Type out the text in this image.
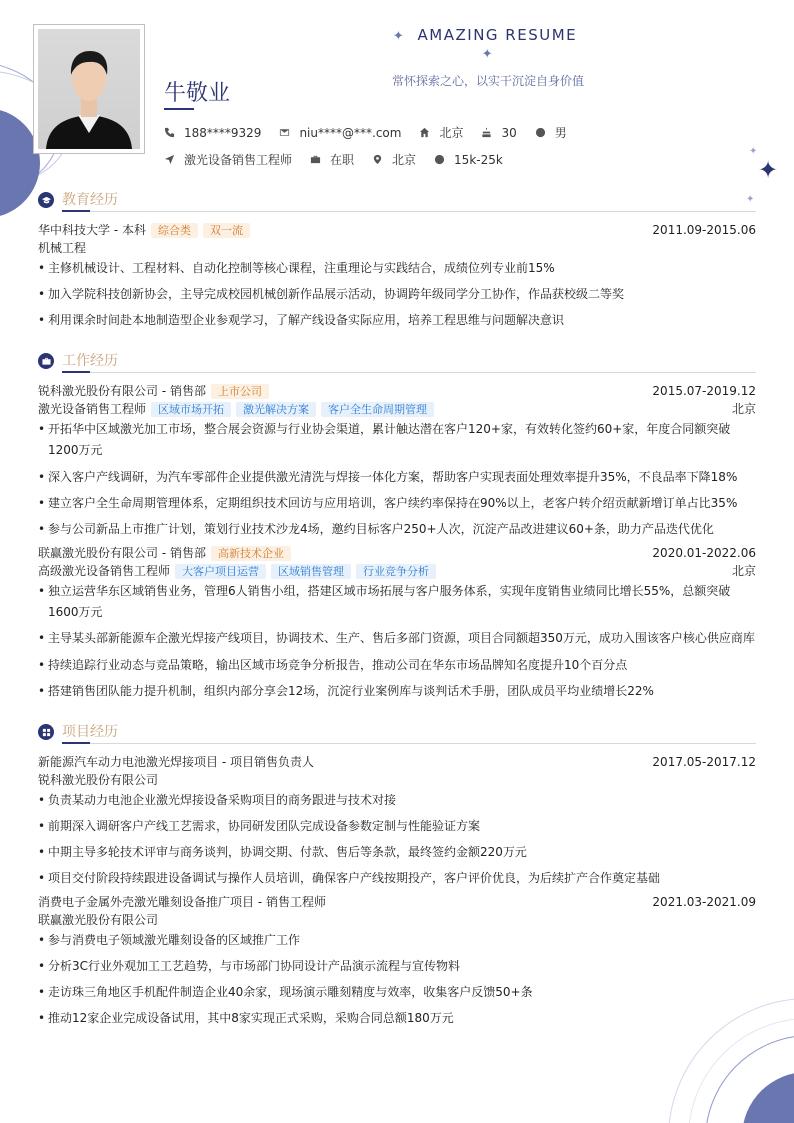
✦
✦
✦
✦ AMAZING RESUME ✦
常怀探索之心，以实干沉淀自身价值
牛敬业
188****9329	niu****@***.com	北京	30	男
激光设备销售工程师	在职	北京	15k-25k
教育经历
华中科技大学 - 本科	综合类	双一流	2011.09-2015.06
机械工程
• 主修机械设计、工程材料、自动化控制等核心课程，注重理论与实践结合，成绩位列专业前15%
• 加入学院科技创新协会，主导完成校园机械创新作品展示活动，协调跨年级同学分工协作，作品获校级二等奖
• 利用课余时间赴本地制造型企业参观学习，了解产线设备实际应用，培养工程思维与问题解决意识
工作经历
锐科激光股份有限公司 - 销售部	上市公司	2015.07-2019.12
激光设备销售工程师	区域市场开拓	激光解决方案	客户全生命周期管理	北京
• 开拓华中区域激光加工市场，整合展会资源与行业协会渠道，累计触达潜在客户120+家，有效转化签约60+家，年度合同额突破1200万元
• 深入客户产线调研，为汽车零部件企业提供激光清洗与焊接一体化方案，帮助客户实现表面处理效率提升35%，不良品率下降18%
• 建立客户全生命周期管理体系，定期组织技术回访与应用培训，客户续约率保持在90%以上，老客户转介绍贡献新增订单占比35%
• 参与公司新品上市推广计划，策划行业技术沙龙4场，邀约目标客户250+人次，沉淀产品改进建议60+条，助力产品迭代优化
联赢激光股份有限公司 - 销售部	高新技术企业	2020.01-2022.06
高级激光设备销售工程师	大客户项目运营	区域销售管理	行业竞争分析	北京
• 独立运营华东区域销售业务，管理6人销售小组，搭建区域市场拓展与客户服务体系，实现年度销售业绩同比增长55%，总额突破1600万元
• 主导某头部新能源车企激光焊接产线项目，协调技术、生产、售后多部门资源，项目合同额超350万元，成功入围该客户核心供应商库
• 持续追踪行业动态与竞品策略，输出区域市场竞争分析报告，推动公司在华东市场品牌知名度提升10个百分点
• 搭建销售团队能力提升机制，组织内部分享会12场，沉淀行业案例库与谈判话术手册，团队成员平均业绩增长22%
项目经历
新能源汽车动力电池激光焊接项目 - 项目销售负责人	2017.05-2017.12
锐科激光股份有限公司
• 负责某动力电池企业激光焊接设备采购项目的商务跟进与技术对接
• 前期深入调研客户产线工艺需求，协同研发团队完成设备参数定制与性能验证方案
• 中期主导多轮技术评审与商务谈判，协调交期、付款、售后等条款，最终签约金额220万元
• 项目交付阶段持续跟进设备调试与操作人员培训，确保客户产线按期投产，客户评价优良，为后续扩产合作奠定基础
消费电子金属外壳激光雕刻设备推广项目 - 销售工程师	2021.03-2021.09
联赢激光股份有限公司
• 参与消费电子领域激光雕刻设备的区域推广工作
• 分析3C行业外观加工工艺趋势，与市场部门协同设计产品演示流程与宣传物料
• 走访珠三角地区手机配件制造企业40余家，现场演示雕刻精度与效率，收集客户反馈50+条
• 推动12家企业完成设备试用，其中8家实现正式采购，采购合同总额180万元
